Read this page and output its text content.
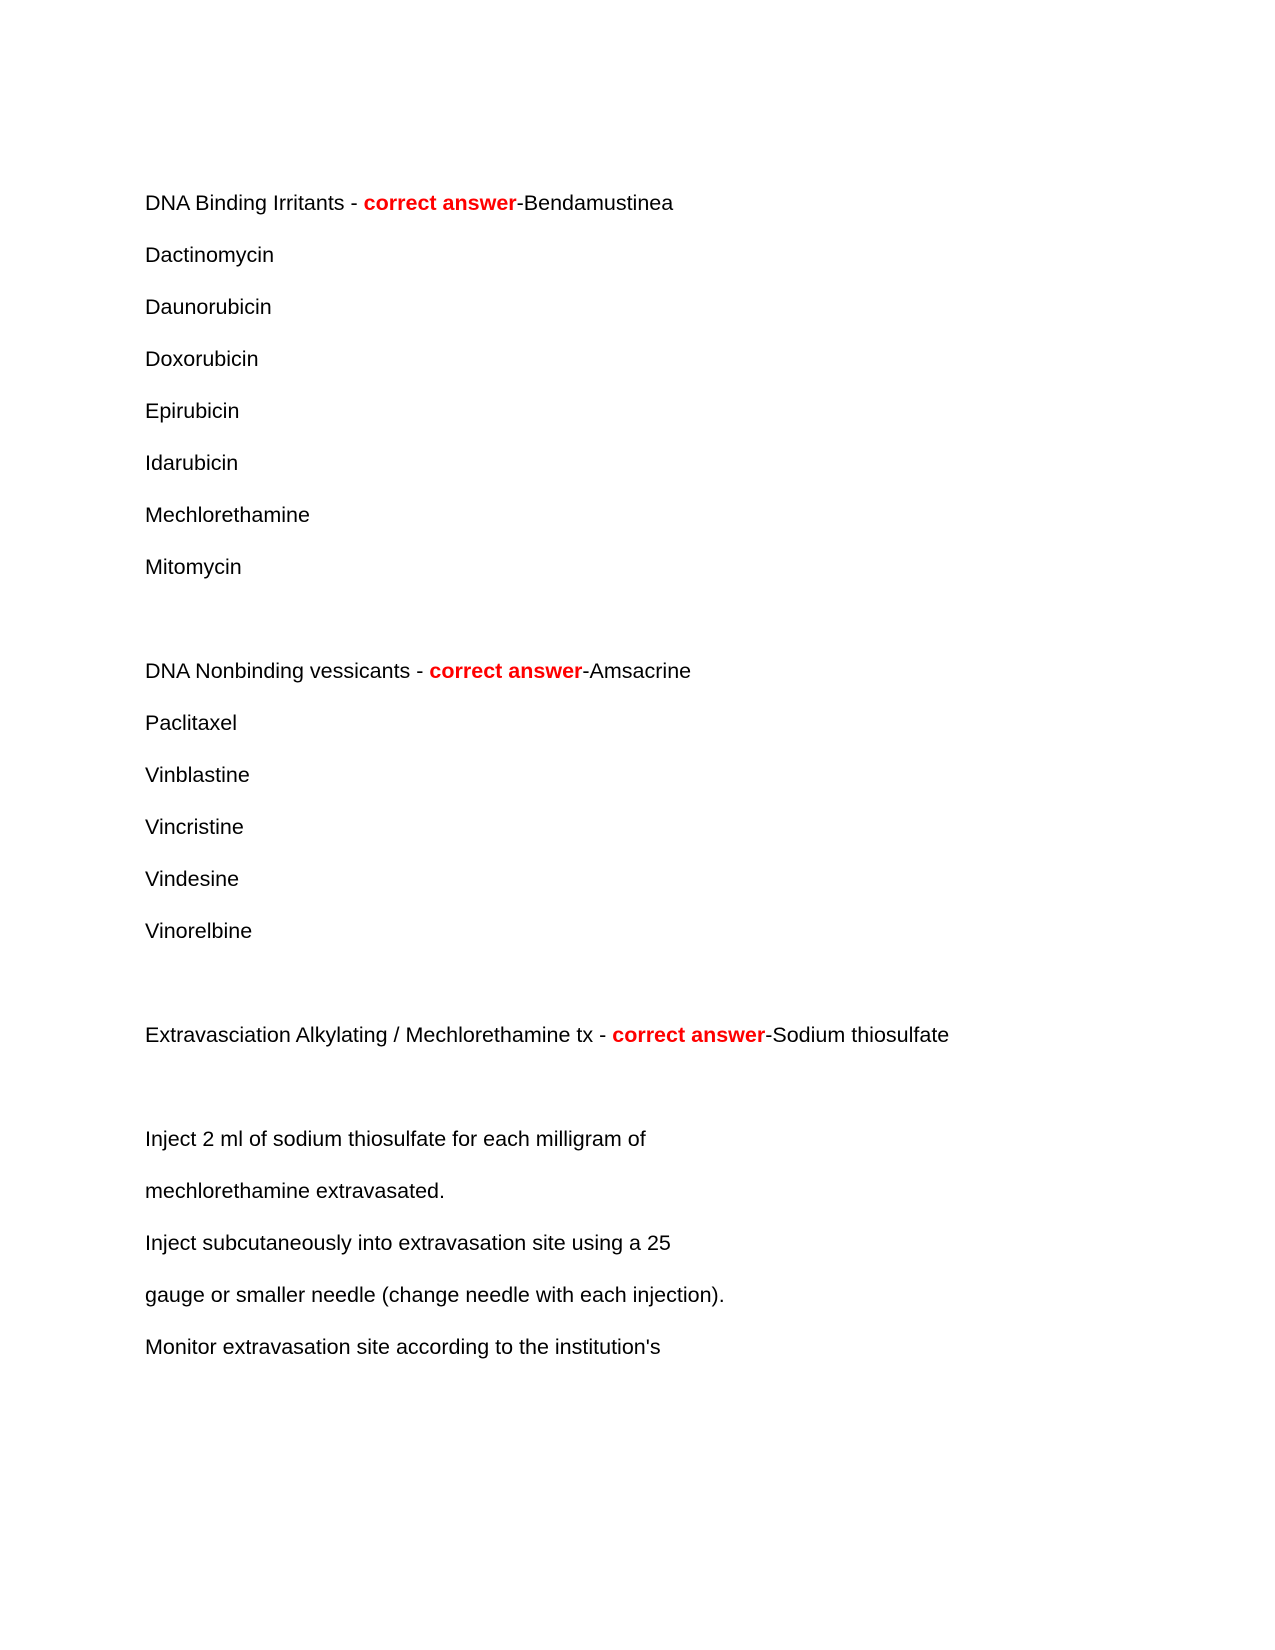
DNA Binding Irritants - correct answer-Bendamustinea

Dactinomycin

Daunorubicin

Doxorubicin

Epirubicin

Idarubicin

Mechlorethamine

Mitomycin

DNA Nonbinding vessicants - correct answer-Amsacrine

Paclitaxel

Vinblastine

Vincristine

Vindesine

Vinorelbine

Extravasciation Alkylating / Mechlorethamine tx - correct answer-Sodium thiosulfate

Inject 2 ml of sodium thiosulfate for each milligram of

mechlorethamine extravasated.

Inject subcutaneously into extravasation site using a 25

gauge or smaller needle (change needle with each injection).

Monitor extravasation site according to the institution's
